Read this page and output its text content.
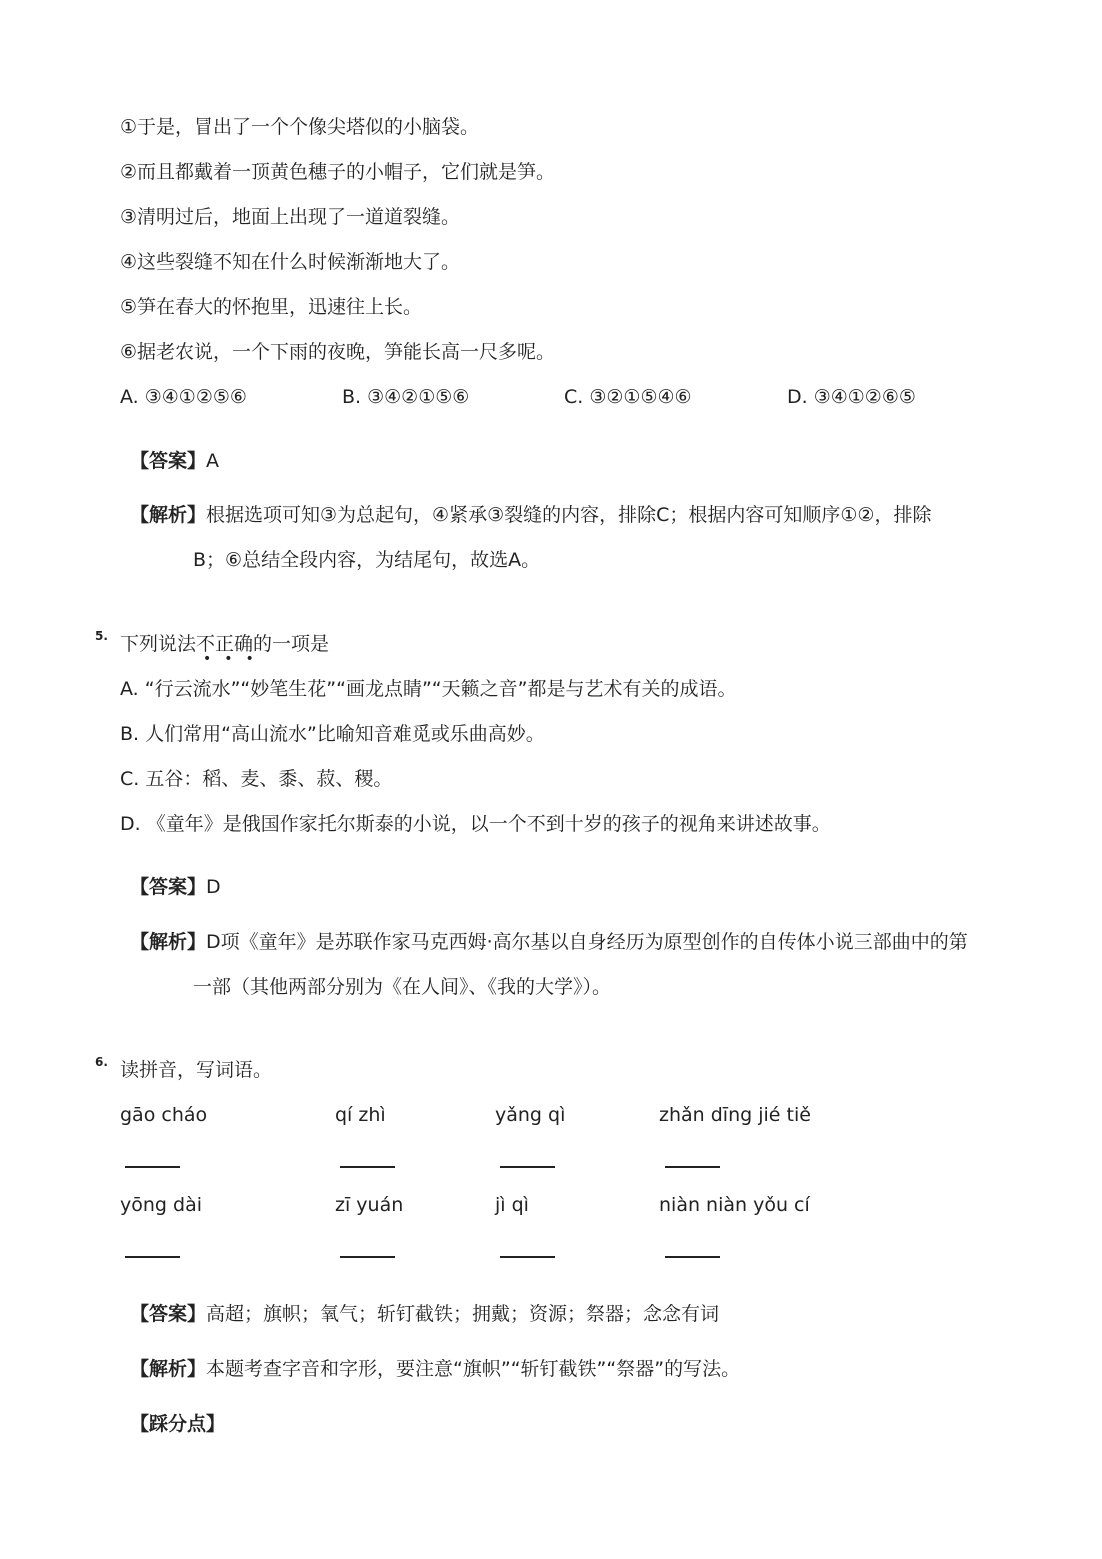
①于是，冒出了一个个像尖塔似的小脑袋。
②而且都戴着一顶黄色穗子的小帽子，它们就是笋。
③清明过后，地面上出现了一道道裂缝。
④这些裂缝不知在什么时候渐渐地大了。
⑤笋在春大的怀抱里，迅速往上长。
⑥据老农说，一个下雨的夜晚，笋能长高一尺多呢。
A. ③④①②⑤⑥	B. ③④②①⑤⑥	C. ③②①⑤④⑥	D. ③④①②⑥⑤
【答案】A
【解析】根据选项可知③为总起句，④紧承③裂缝的内容，排除C；根据内容可知顺序①②，排除
B；⑥总结全段内容，为结尾句，故选A。
5. 下列说法不正确的一项是
•••
A. “行云流水”“妙笔生花”“画龙点睛”“天籁之音”都是与艺术有关的成语。
B. 人们常用“高山流水”比喻知音难觅或乐曲高妙。
C. 五谷：稻、麦、黍、菽、稷。
D. 《童年》是俄国作家托尔斯泰的小说，以一个不到十岁的孩子的视角来讲述故事。
【答案】D
【解析】D项《童年》是苏联作家马克西姆·高尔基以自身经历为原型创作的自传体小说三部曲中的第
一部（其他两部分别为《在人间》、《我的大学》）。
6. 读拼音，写词语。
gāo cháo	qí zhì	yǎng qì	zhǎn dīng jié tiě
yōng dài	zī yuán	jì qì	niàn niàn yǒu cí
【答案】高超；旗帜；氧气；斩钉截铁；拥戴；资源；祭器；念念有词
【解析】本题考查字音和字形，要注意“旗帜”“斩钉截铁”“祭器”的写法。
【踩分点】
